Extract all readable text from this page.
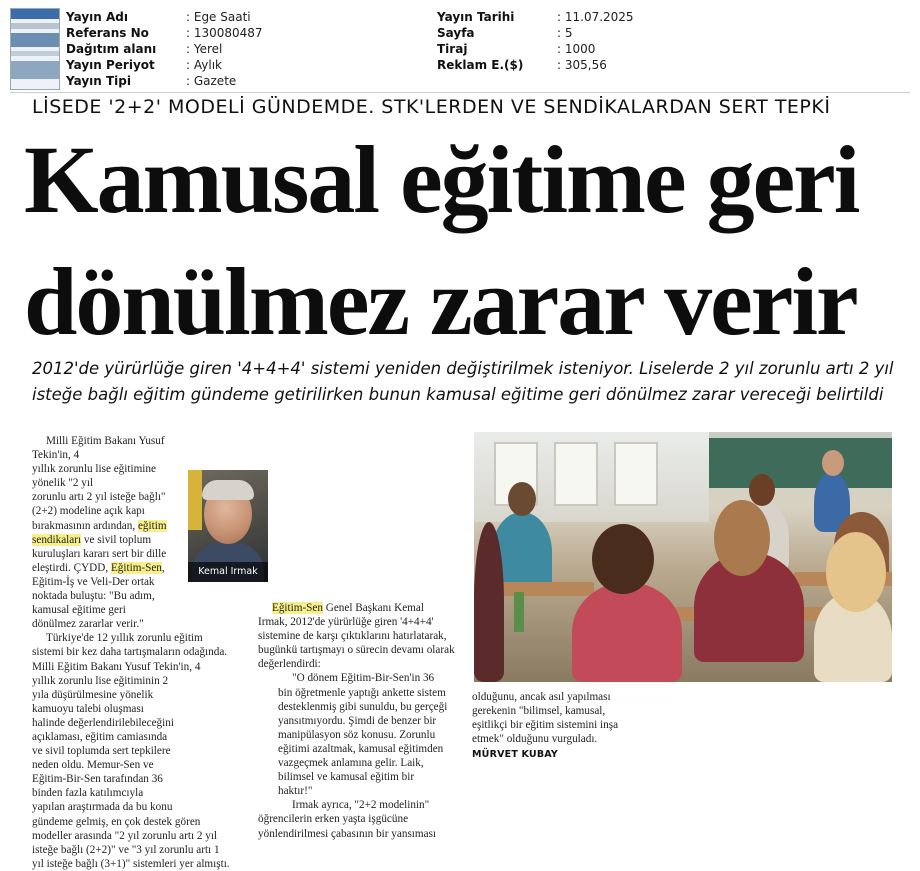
Yayın Adı	: Ege Saati
Referans No	: 130080487
Dağıtım alanı	: Yerel
Yayın Periyot	: Aylık
Yayın Tipi	: Gazete
Yayın Tarihi	: 11.07.2025
Sayfa	: 5
Tiraj	: 1000
Reklam E.($)	: 305,56
LİSEDE '2+2' MODELİ GÜNDEMDE. STK'LERDEN VE SENDİKALARDAN SERT TEPKİ
Kamusal eğitime geri
dönülmez zarar verir
2012'de yürürlüğe giren '4+4+4' sistemi yeniden değiştirilmek isteniyor. Liselerde 2 yıl zorunlu artı 2 yıl
isteğe bağlı eğitim gündeme getirilirken bunun kamusal eğitime geri dönülmez zarar vereceği belirtildi

Milli Eğitim Bakanı Yusuf Tekin'in, 4

yıllık zorunlu lise eğitimine yönelik "2 yıl

zorunlu artı 2 yıl isteğe bağlı"

(2+2) modeline açık kapı

bırakmasının ardından, eğitim

sendikaları ve sivil toplum

kuruluşları kararı sert bir dille

eleştirdi. ÇYDD, Eğitim-Sen,

Eğitim-İş ve Veli-Der ortak

noktada buluştu: "Bu adım,

kamusal eğitime geri

dönülmez zararlar verir."

Türkiye'de 12 yıllık zorunlu eğitim

sistemi bir kez daha tartışmaların odağında.

Milli Eğitim Bakanı Yusuf Tekin'in, 4

yıllık zorunlu lise eğitiminin 2

yıla düşürülmesine yönelik

kamuoyu talebi oluşması

halinde değerlendirilebileceğini

açıklaması, eğitim camiasında

ve sivil toplumda sert tepkilere

neden oldu. Memur-Sen ve

Eğitim-Bir-Sen tarafından 36

binden fazla katılımcıyla

yapılan araştırmada da bu konu

gündeme gelmiş, en çok destek gören

modeller arasında "2 yıl zorunlu artı 2 yıl

isteğe bağlı (2+2)" ve "3 yıl zorunlu artı 1

yıl isteğe bağlı (3+1)" sistemleri yer almıştı.

Kemal Irmak

Eğitim-Sen Genel Başkanı Kemal

Irmak, 2012'de yürürlüğe giren '4+4+4'

sistemine de karşı çıktıklarını hatırlatarak,

bugünkü tartışmayı o sürecin devamı olarak

değerlendirdi:

"O dönem Eğitim-Bir-Sen'in 36

bin öğretmenle yaptığı ankette sistem

desteklenmiş gibi sunuldu, bu gerçeği

yansıtmıyordu. Şimdi de benzer bir

manipülasyon söz konusu. Zorunlu

eğitimi azaltmak, kamusal eğitimden

vazgeçmek anlamına gelir. Laik,

bilimsel ve kamusal eğitim bir

haktır!"

Irmak ayrıca, "2+2 modelinin"

öğrencilerin erken yaşta işgücüne

yönlendirilmesi çabasının bir yansıması

olduğunu, ancak asıl yapılması

gerekenin "bilimsel, kamusal,

eşitlikçi bir eğitim sistemini inşa

etmek" olduğunu vurguladı.

MÜRVET KUBAY
